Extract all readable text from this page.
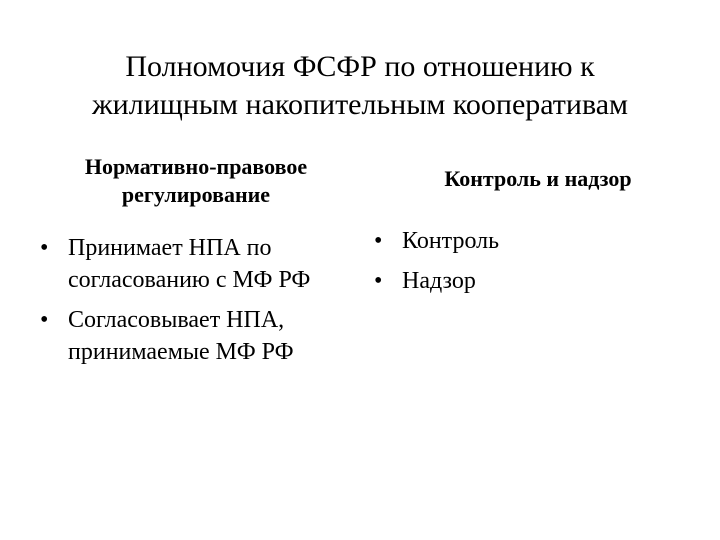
Полномочия ФСФР по отношению к
жилищным накопительным кооперативам
Нормативно-правовое
регулирование
Контроль и надзор
• Принимает НПА по согласованию с МФ РФ
• Согласовывает НПА, принимаемые МФ РФ
• Контроль
• Надзор
